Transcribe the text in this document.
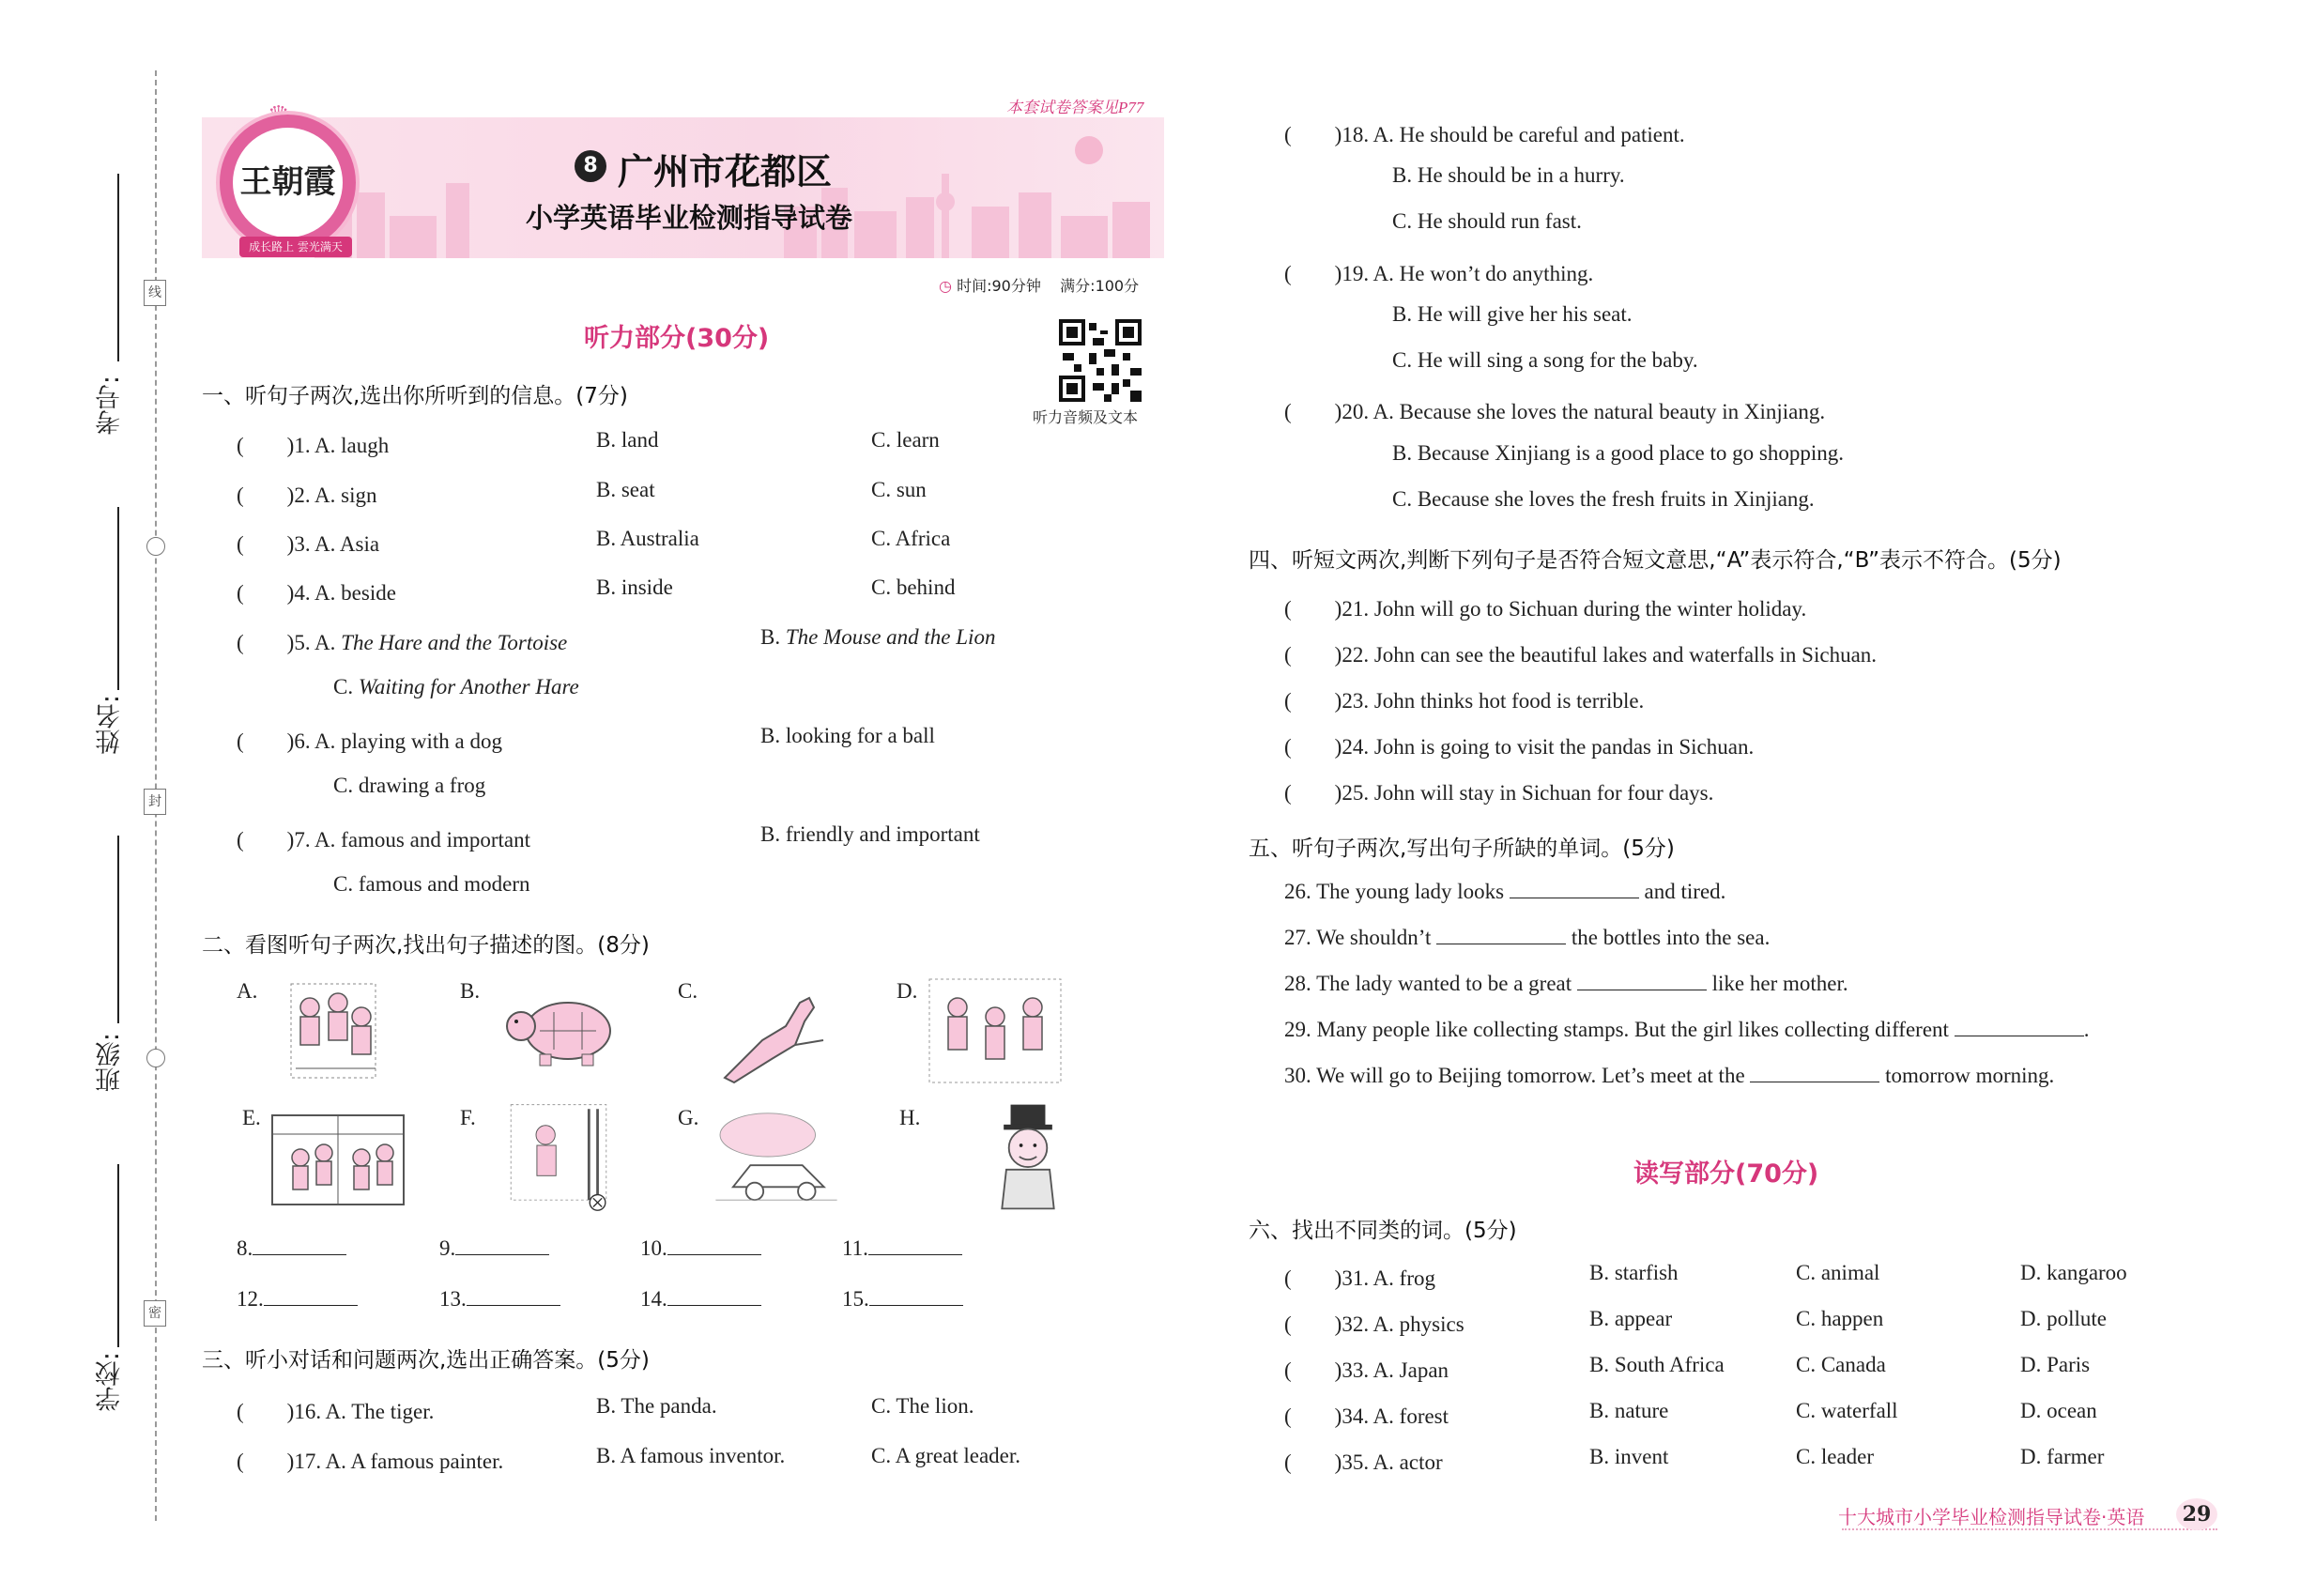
考号:
姓名:
班级:
学校:
线
封
密
本套试卷答案见P77
王朝霞
成长路上 雲光满天
8 广州市花都区
小学英语毕业检测指导试卷
◷ 时间:90分钟 满分:100分
听力音频及文本
听力部分(30分)
一、听句子两次,选出你所听到的信息。(7分)
(　　)1. A. laugh	B. land	C. learn
(　　)2. A. sign	B. seat	C. sun
(　　)3. A. Asia	B. Australia	C. Africa
(　　)4. A. beside	B. inside	C. behind
(　　)5. A. The Hare and the Tortoise	B. The Mouse and the Lion
C. Waiting for Another Hare
(　　)6. A. playing with a dog	B. looking for a ball
C. drawing a frog
(　　)7. A. famous and important	B. friendly and important
C. famous and modern
二、看图听句子两次,找出句子描述的图。(8分)
A.	B.	C.	D.
E.	F.	G.	H.
8.	9.	10.	11.
12.	13.	14.	15.
三、听小对话和问题两次,选出正确答案。(5分)
(　　)16. A. The tiger.	B. The panda.	C. The lion.
(　　)17. A. A famous painter.	B. A famous inventor.	C. A great leader.
(　　)18. A. He should be careful and patient.
B. He should be in a hurry.
C. He should run fast.
(　　)19. A. He won’t do anything.
B. He will give her his seat.
C. He will sing a song for the baby.
(　　)20. A. Because she loves the natural beauty in Xinjiang.
B. Because Xinjiang is a good place to go shopping.
C. Because she loves the fresh fruits in Xinjiang.
四、听短文两次,判断下列句子是否符合短文意思,“A”表示符合,“B”表示不符合。(5分)
(　　)21. John will go to Sichuan during the winter holiday.
(　　)22. John can see the beautiful lakes and waterfalls in Sichuan.
(　　)23. John thinks hot food is terrible.
(　　)24. John is going to visit the pandas in Sichuan.
(　　)25. John will stay in Sichuan for four days.
五、听句子两次,写出句子所缺的单词。(5分)
26. The young lady looks	and tired.
27. We shouldn’t	the bottles into the sea.
28. The lady wanted to be a great	like her mother.
29. Many people like collecting stamps. But the girl likes collecting different	.
30. We will go to Beijing tomorrow. Let’s meet at the	tomorrow morning.
读写部分(70分)
六、找出不同类的词。(5分)
(　　)31. A. frog	B. starfish	C. animal	D. kangaroo
(　　)32. A. physics	B. appear	C. happen	D. pollute
(　　)33. A. Japan	B. South Africa	C. Canada	D. Paris
(　　)34. A. forest	B. nature	C. waterfall	D. ocean
(　　)35. A. actor	B. invent	C. leader	D. farmer
十大城市小学毕业检测指导试卷·英语	29
